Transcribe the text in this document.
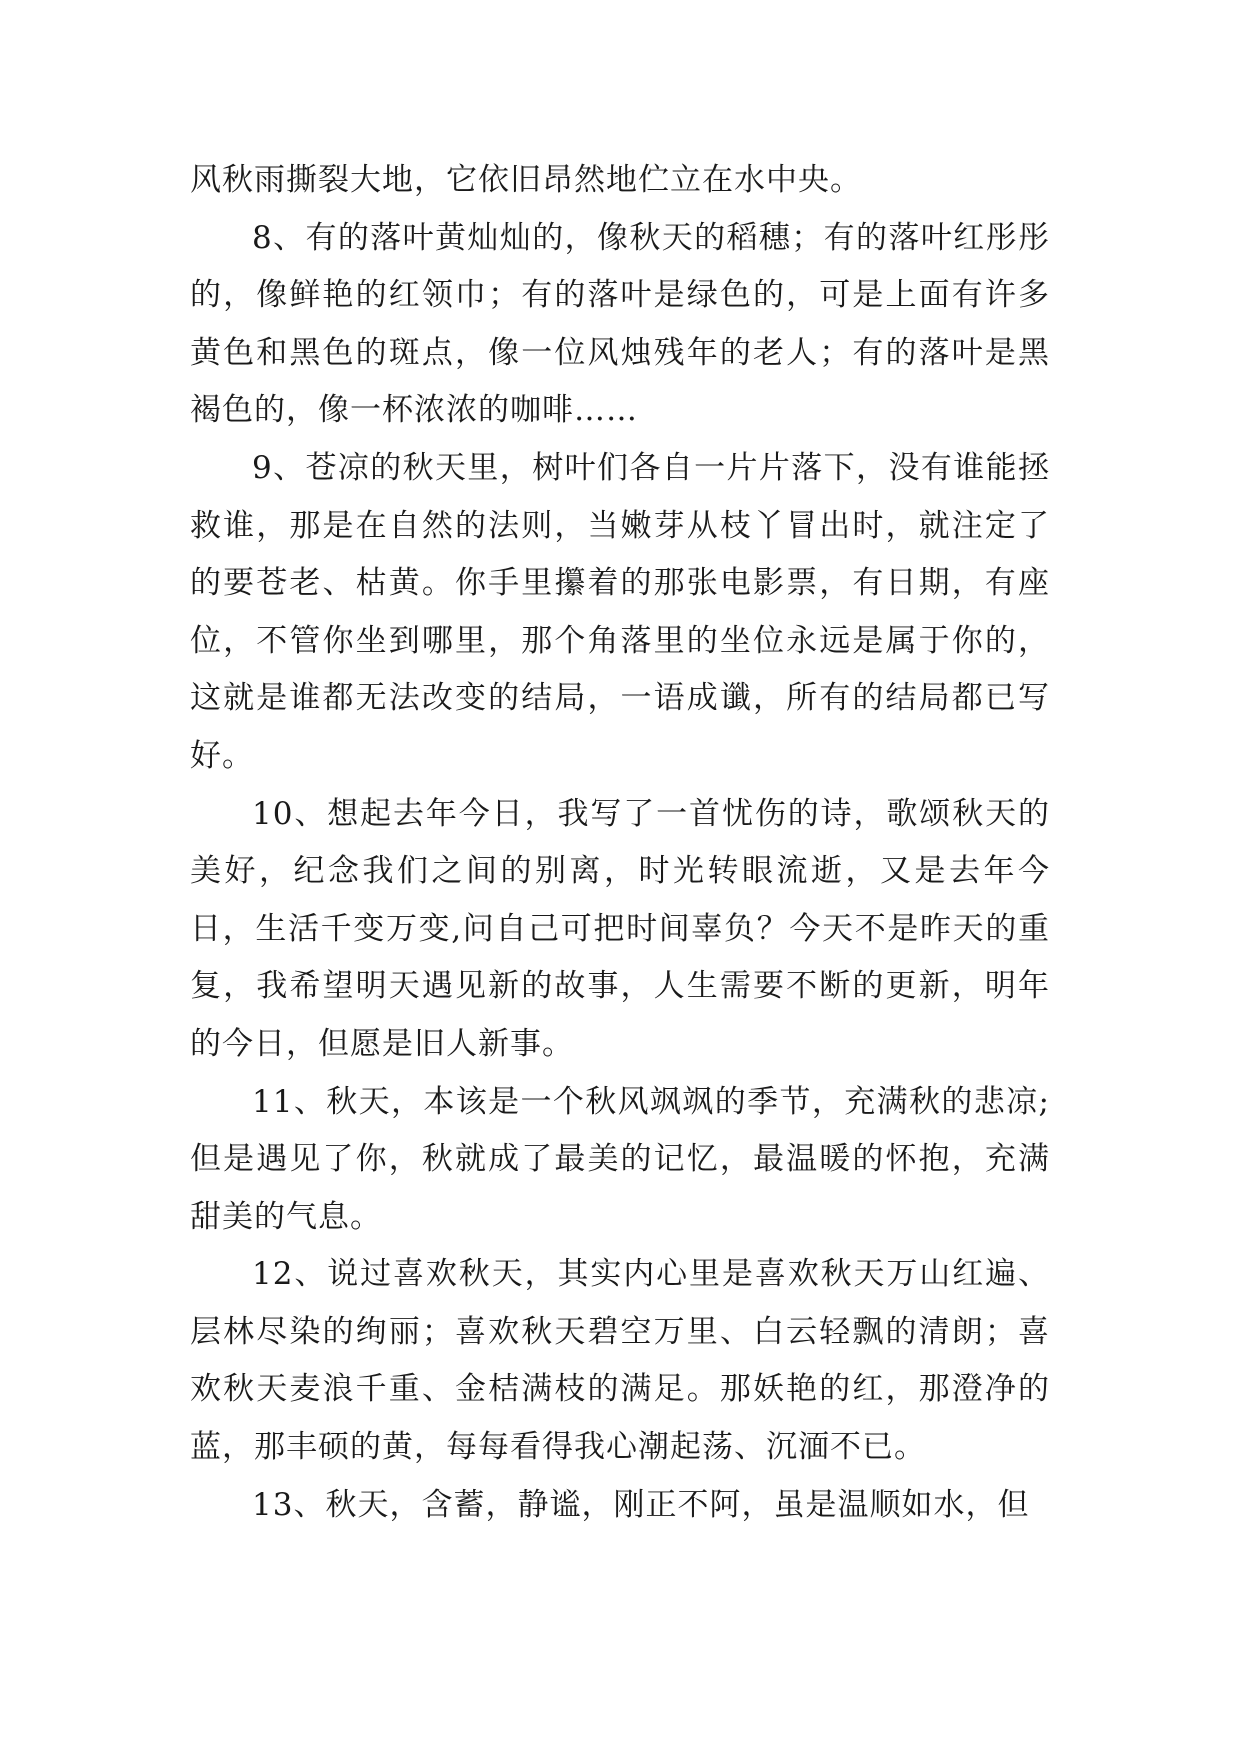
风秋雨撕裂大地，它依旧昂然地伫立在水中央。

8、有的落叶黄灿灿的，像秋天的稻穗；有的落叶红彤彤的，像鲜艳的红领巾；有的落叶是绿色的，可是上面有许多黄色和黑色的斑点，像一位风烛残年的老人；有的落叶是黑褐色的，像一杯浓浓的咖啡……

9、苍凉的秋天里，树叶们各自一片片落下，没有谁能拯救谁，那是在自然的法则，当嫩芽从枝丫冒出时，就注定了的要苍老、枯黄。你手里攥着的那张电影票，有日期，有座位，不管你坐到哪里，那个角落里的坐位永远是属于你的，这就是谁都无法改变的结局，一语成谶，所有的结局都已写好。

10、想起去年今日，我写了一首忧伤的诗，歌颂秋天的美好，纪念我们之间的别离，时光转眼流逝，又是去年今日，生活千变万变,问自己可把时间辜负？今天不是昨天的重复，我希望明天遇见新的故事，人生需要不断的更新，明年的今日，但愿是旧人新事。

11、秋天，本该是一个秋风飒飒的季节，充满秋的悲凉;但是遇见了你，秋就成了最美的记忆，最温暖的怀抱，充满甜美的气息。

12、说过喜欢秋天，其实内心里是喜欢秋天万山红遍、层林尽染的绚丽；喜欢秋天碧空万里、白云轻飘的清朗；喜欢秋天麦浪千重、金桔满枝的满足。那妖艳的红，那澄净的蓝，那丰硕的黄，每每看得我心潮起荡、沉湎不已。

13、秋天，含蓄，静谧，刚正不阿，虽是温顺如水，但
